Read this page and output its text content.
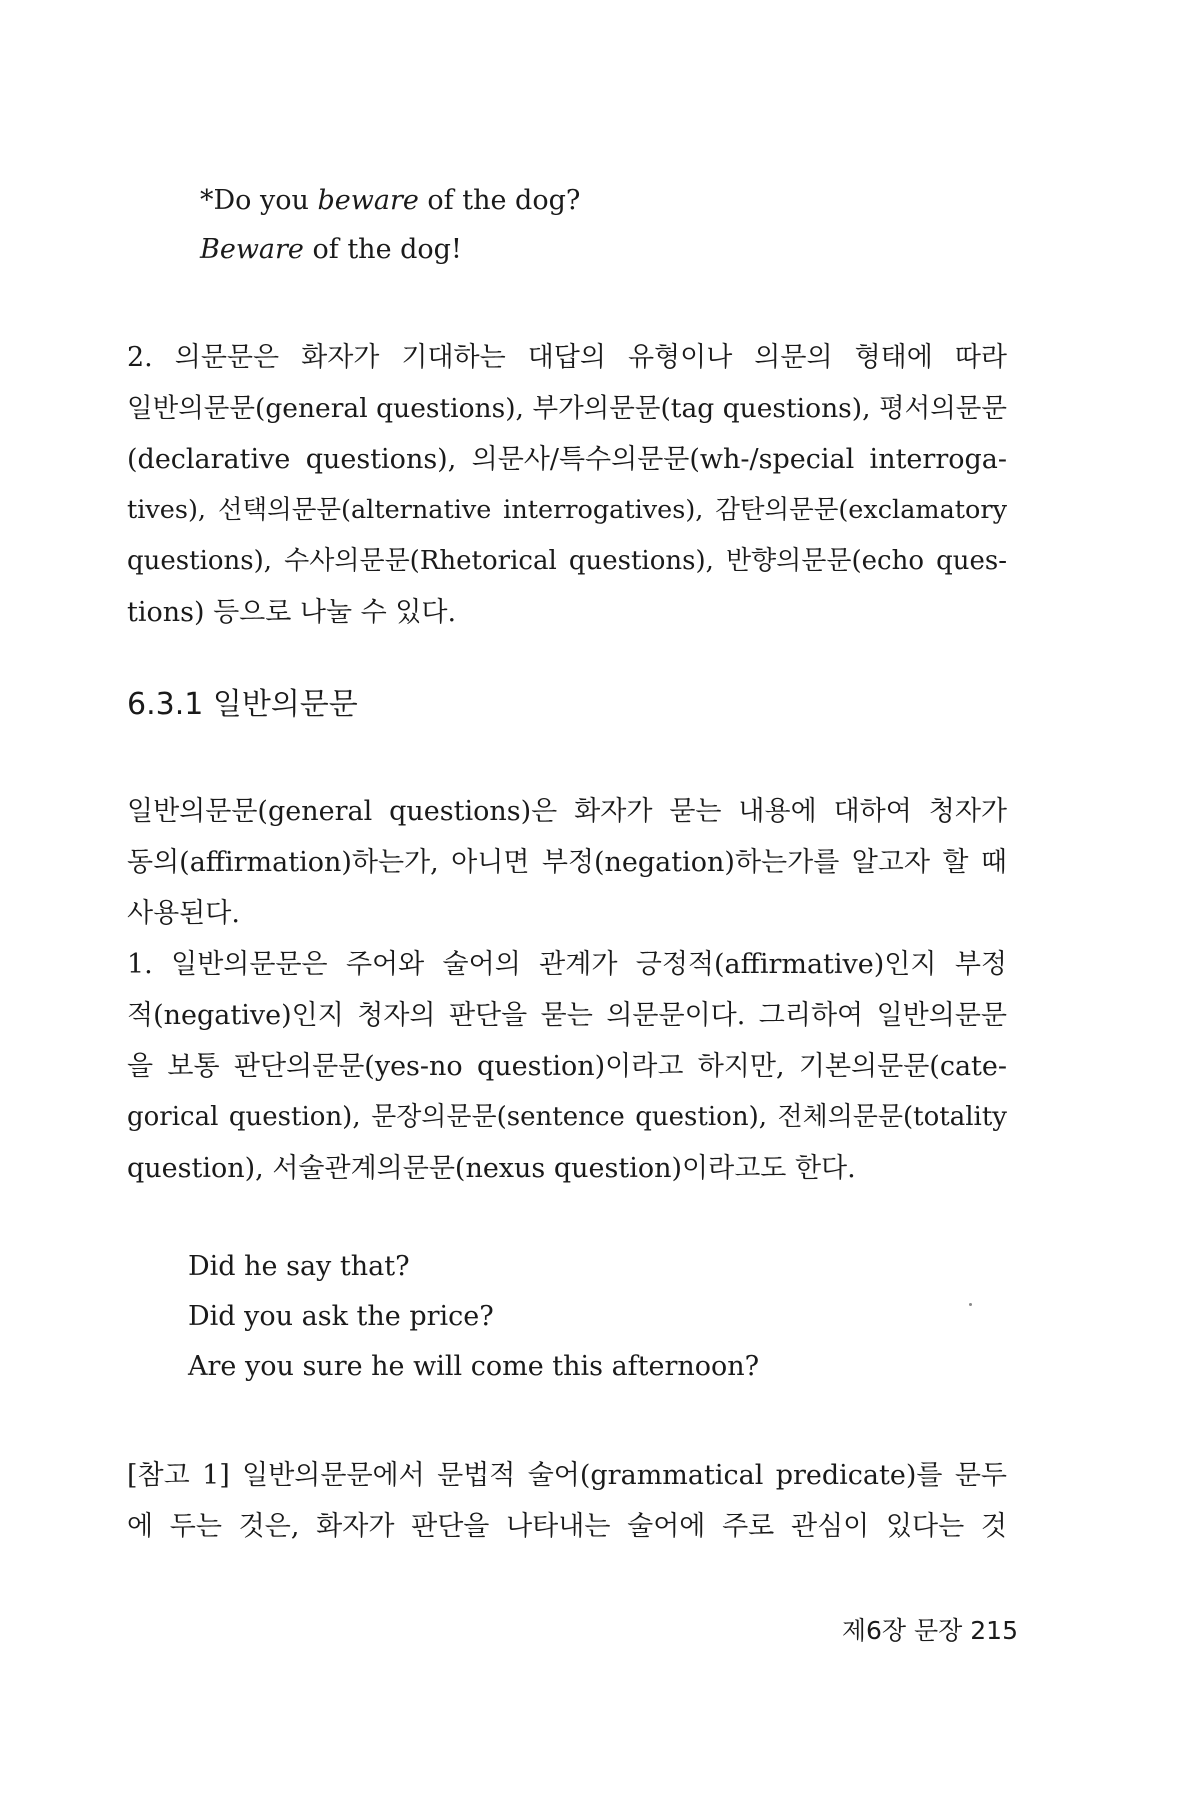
*Do you beware of the dog?
Beware of the dog!
2. 의문문은 화자가 기대하는 대답의 유형이나 의문의 형태에 따라
일반의문문(general questions), 부가의문문(tag questions), 평서의문문
(declarative questions), 의문사/특수의문문(wh-/special interroga-
tives), 선택의문문(alternative interrogatives), 감탄의문문(exclamatory
questions), 수사의문문(Rhetorical questions), 반향의문문(echo ques-
tions) 등으로 나눌 수 있다.
6.3.1 일반의문문
일반의문문(general questions)은 화자가 묻는 내용에 대하여 청자가
동의(affirmation)하는가, 아니면 부정(negation)하는가를 알고자 할 때
사용된다.
1. 일반의문문은 주어와 술어의 관계가 긍정적(affirmative)인지 부정
적(negative)인지 청자의 판단을 묻는 의문문이다. 그리하여 일반의문문
을 보통 판단의문문(yes-no question)이라고 하지만, 기본의문문(cate-
gorical question), 문장의문문(sentence question), 전체의문문(totality
question), 서술관계의문문(nexus question)이라고도 한다.
Did he say that?
Did you ask the price?
Are you sure he will come this afternoon?
[참고 1] 일반의문문에서 문법적 술어(grammatical predicate)를 문두
에 두는 것은, 화자가 판단을 나타내는 술어에 주로 관심이 있다는 것
제6장 문장 215
